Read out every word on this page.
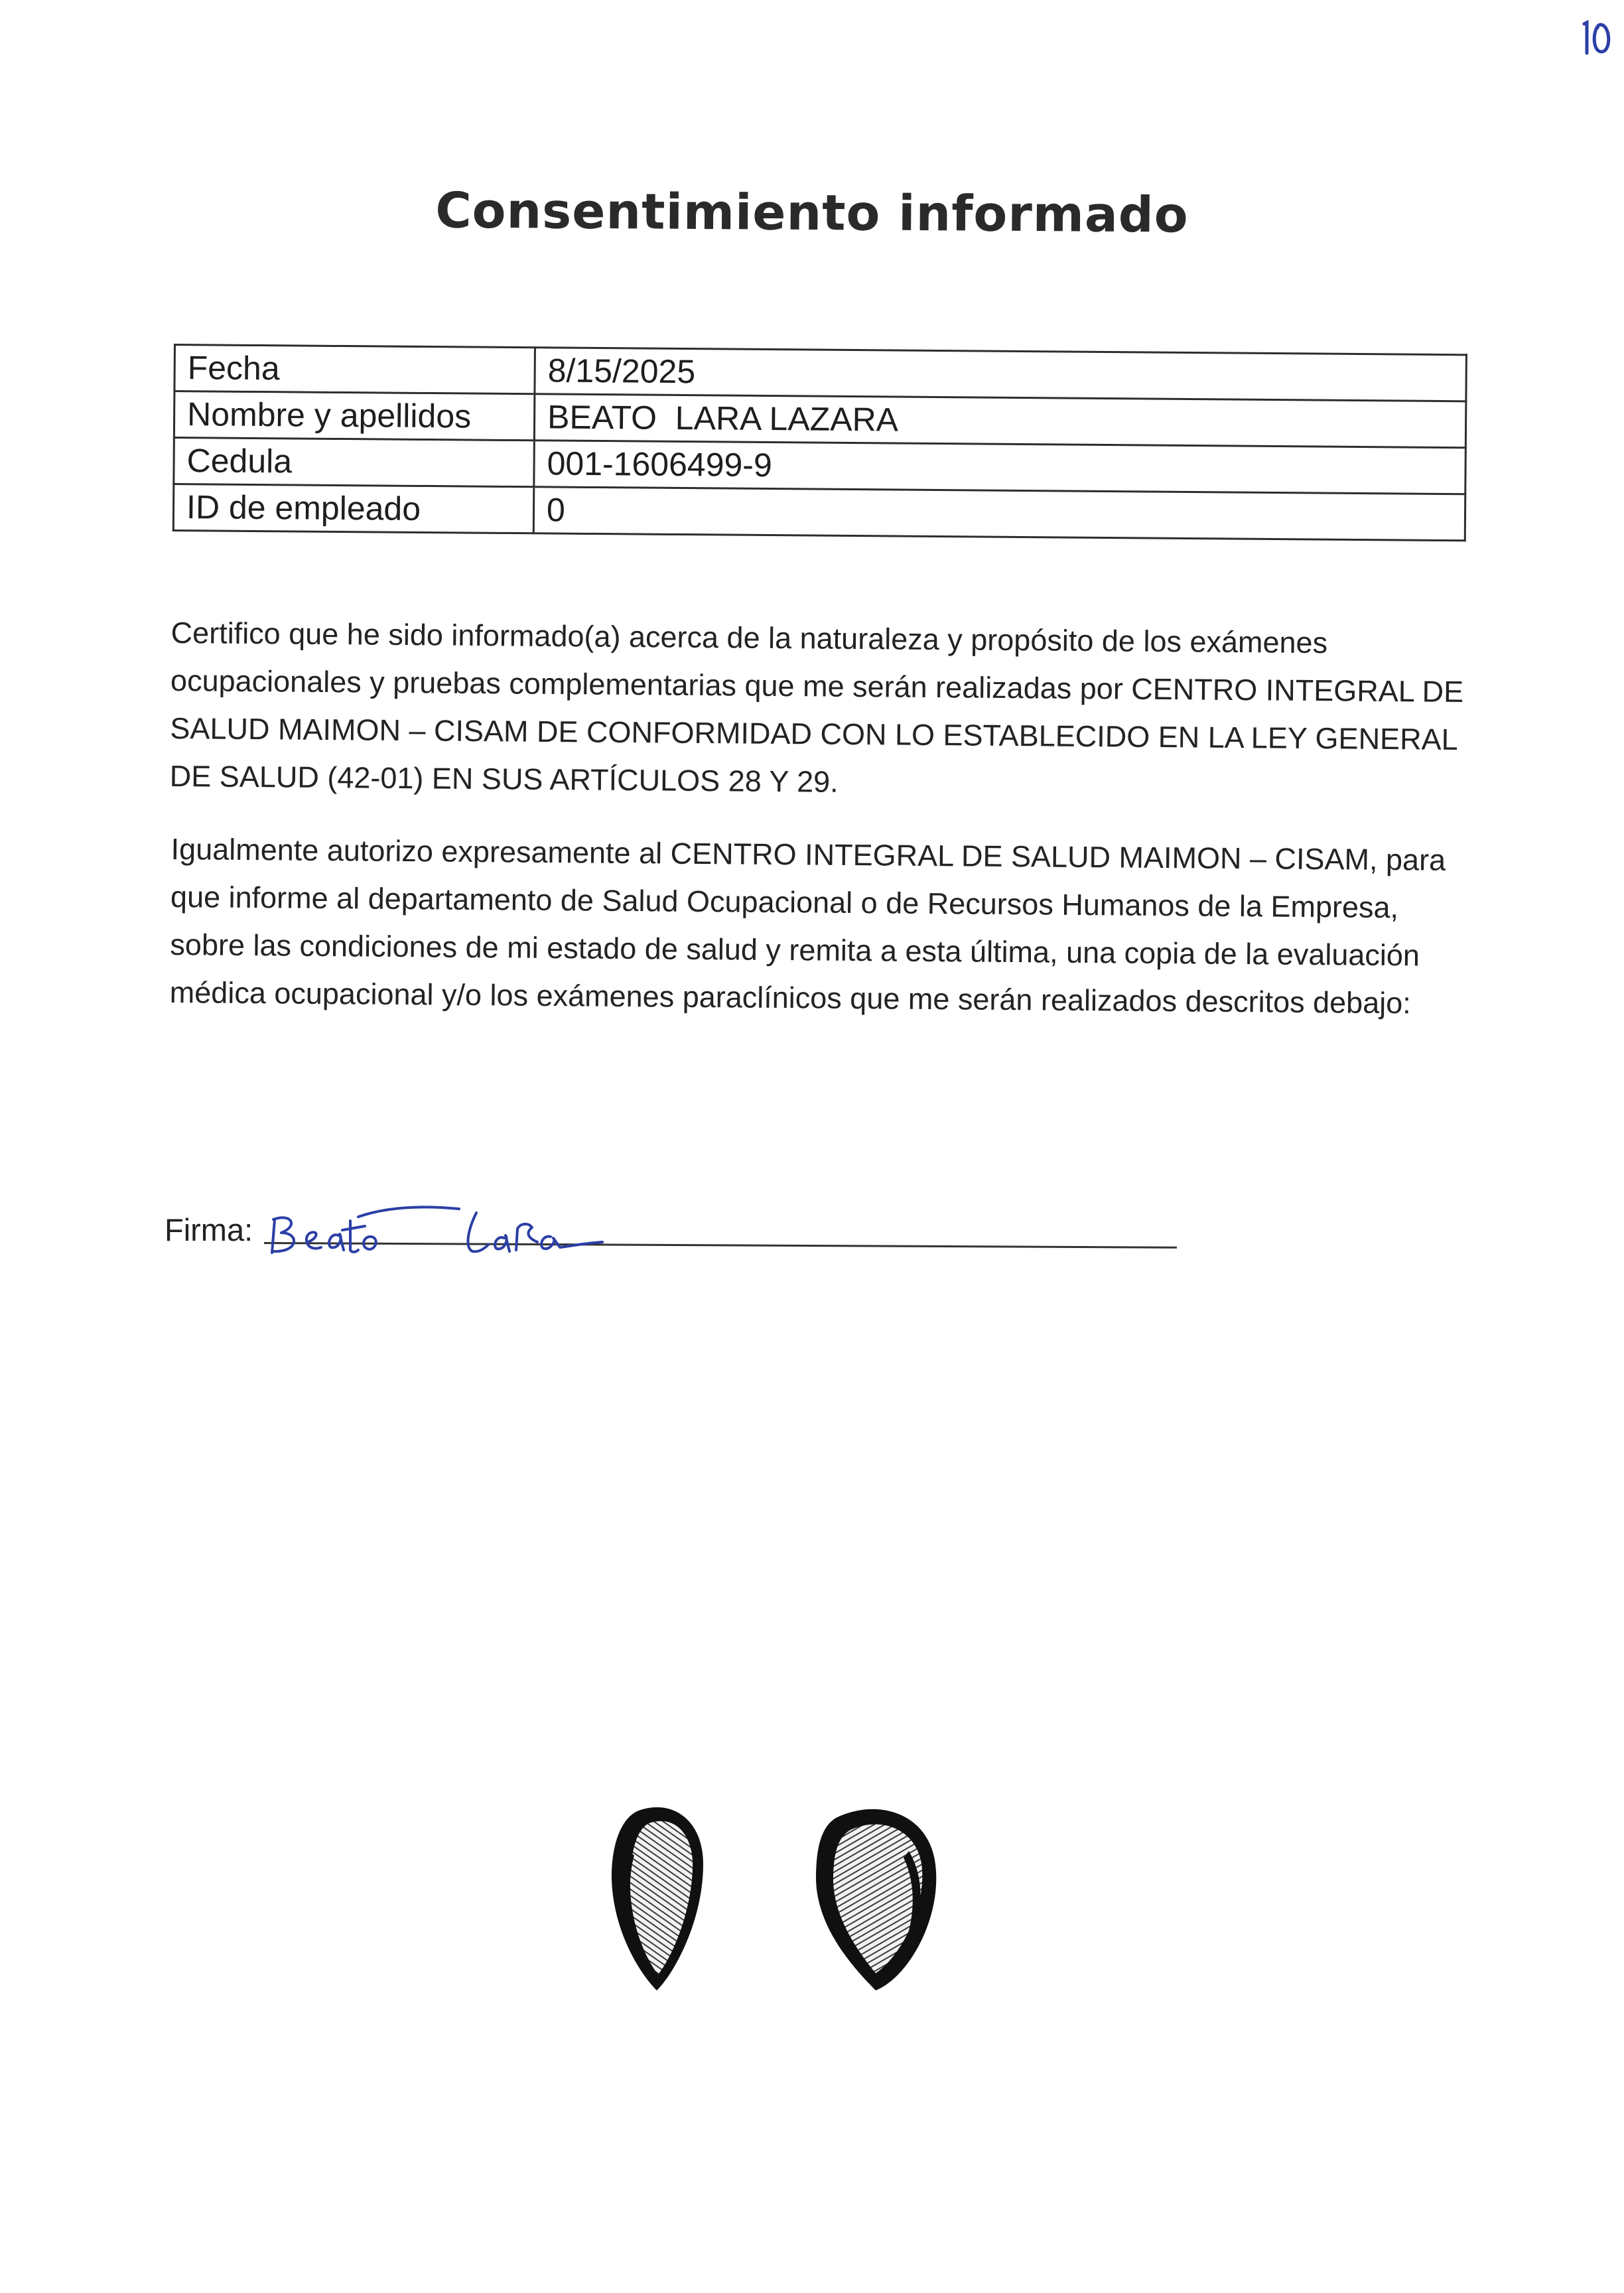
Consentimiento informado
Fecha	8/15/2025
Nombre y apellidos	BEATO  LARA LAZARA
Cedula	001-1606499-9
ID de empleado	0

Certifico que he sido informado(a) acerca de la naturaleza y propósito de los exámenes ocupacionales y pruebas complementarias que me serán realizadas por CENTRO INTEGRAL DE SALUD MAIMON – CISAM DE CONFORMIDAD CON LO ESTABLECIDO EN LA LEY GENERAL DE SALUD (42-01) EN SUS ARTÍCULOS 28 Y 29.

Igualmente autorizo expresamente al CENTRO INTEGRAL DE SALUD MAIMON – CISAM, para que informe al departamento de Salud Ocupacional o de Recursos Humanos de la Empresa, sobre las condiciones de mi estado de salud y remita a esta última, una copia de la evaluación médica ocupacional y/o los exámenes paraclínicos que me serán realizados descritos debajo:

Firma:
